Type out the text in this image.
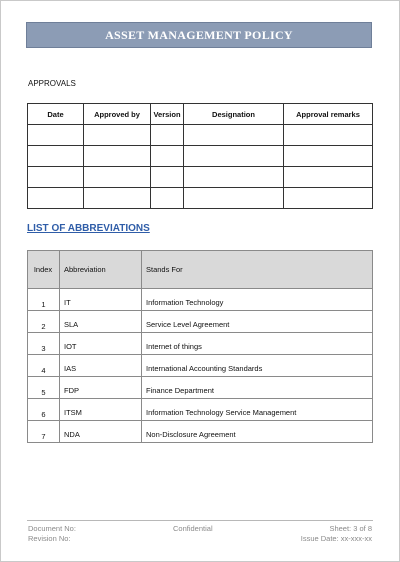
ASSET MANAGEMENT POLICY
APPROVALS
Date	Approved by	Version	Designation	Approval remarks

LIST OF ABBREVIATIONS
Index	Abbreviation	Stands For
1	IT	Information Technology
2	SLA	Service Level Agreement
3	IOT	Internet of things
4	IAS	International Accounting Standards
5	FDP	Finance Department
6	ITSM	Information Technology Service Management
7	NDA	Non-Disclosure Agreement
Document No:
Revision No:
Confidential	Sheet: 3 of 8
Issue Date: xx-xxx-xx
